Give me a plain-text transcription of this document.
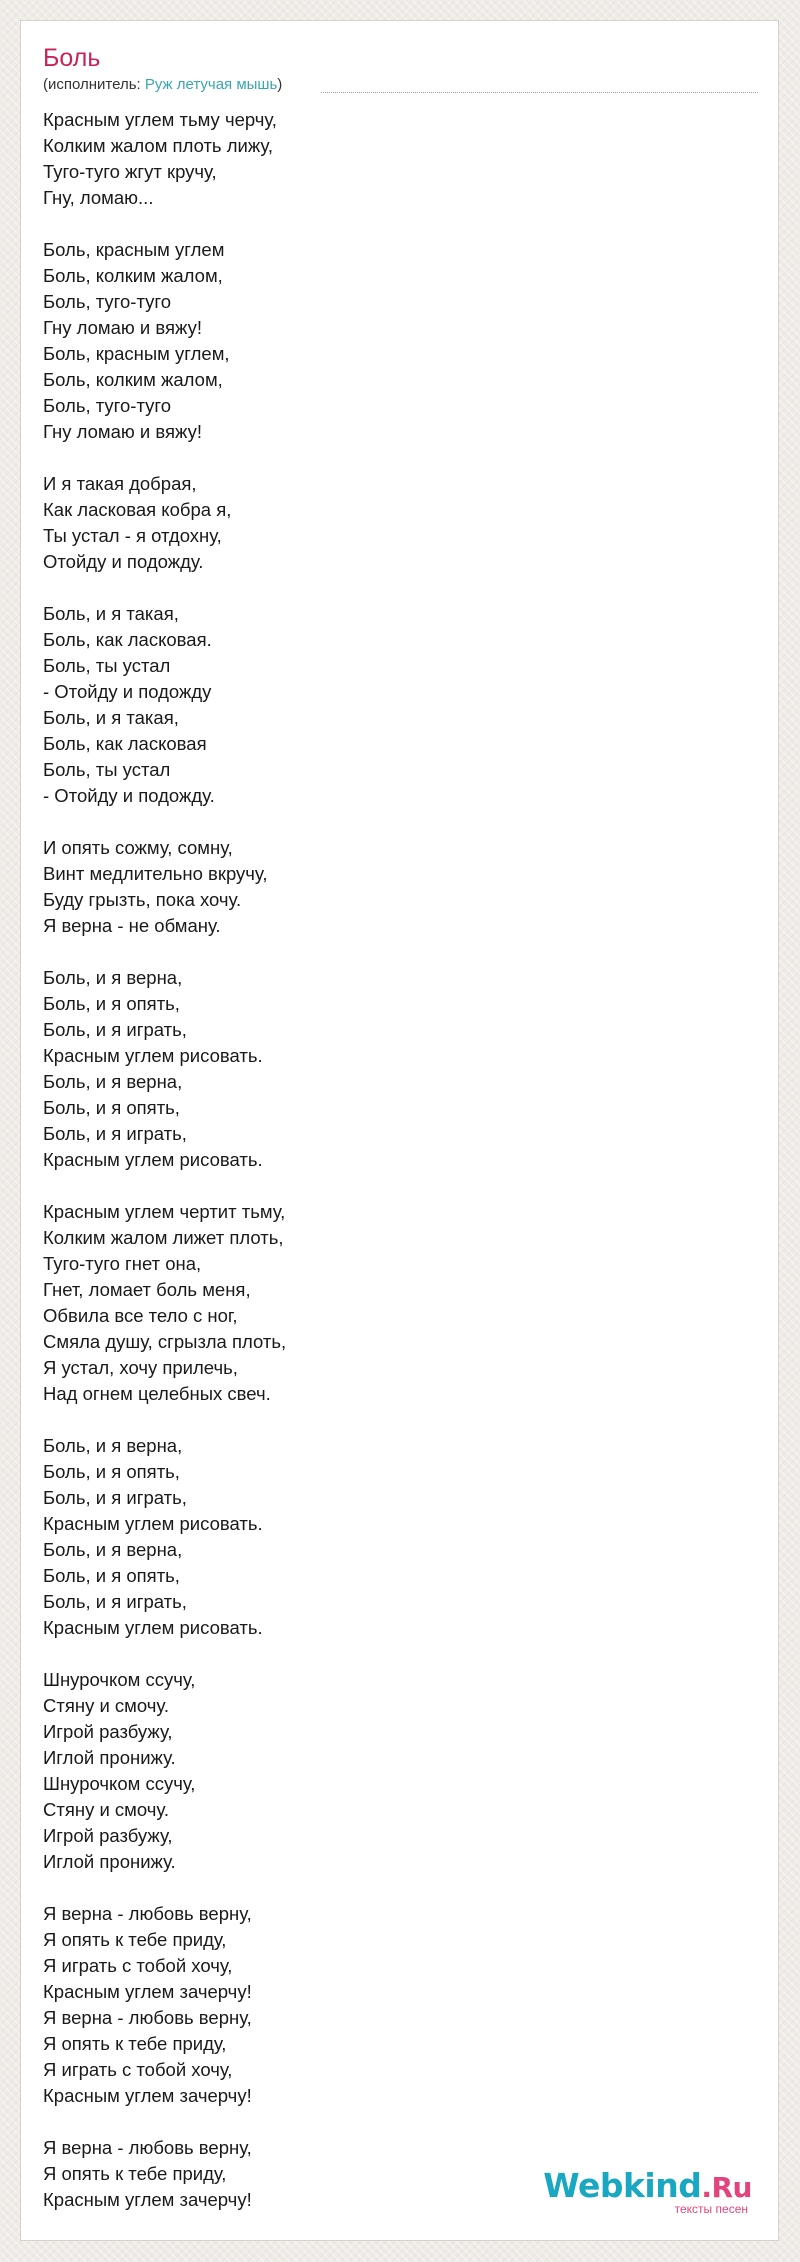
Боль
(исполнитель: Руж летучая мышь)
Красным углем тьму черчу,
Колким жалом плоть лижу,
Туго-туго жгут кручу,
Гну, ломаю...
Боль, красным углем
Боль, колким жалом,
Боль, туго-туго
Гну ломаю и вяжу!
Боль, красным углем,
Боль, колким жалом,
Боль, туго-туго
Гну ломаю и вяжу!
И я такая добрая,
Как ласковая кобра я,
Ты устал - я отдохну,
Отойду и подожду.
Боль, и я такая,
Боль, как ласковая.
Боль, ты устал
- Отойду и подожду
Боль, и я такая,
Боль, как ласковая
Боль, ты устал
- Отойду и подожду.
И опять сожму, сомну,
Винт медлительно вкручу,
Буду грызть, пока хочу.
Я верна - не обману.
Боль, и я верна,
Боль, и я опять,
Боль, и я играть,
Красным углем рисовать.
Боль, и я верна,
Боль, и я опять,
Боль, и я играть,
Красным углем рисовать.
Красным углем чертит тьму,
Колким жалом лижет плоть,
Туго-туго гнет она,
Гнет, ломает боль меня,
Обвила все тело с ног,
Смяла душу, сгрызла плоть,
Я устал, хочу прилечь,
Над огнем целебных свеч.
Боль, и я верна,
Боль, и я опять,
Боль, и я играть,
Красным углем рисовать.
Боль, и я верна,
Боль, и я опять,
Боль, и я играть,
Красным углем рисовать.
Шнурочком ссучу,
Стяну и смочу.
Игрой разбужу,
Иглой пронижу.
Шнурочком ссучу,
Стяну и смочу.
Игрой разбужу,
Иглой пронижу.
Я верна - любовь верну,
Я опять к тебе приду,
Я играть с тобой хочу,
Красным углем зачерчу!
Я верна - любовь верну,
Я опять к тебе приду,
Я играть с тобой хочу,
Красным углем зачерчу!
Я верна - любовь верну,
Я опять к тебе приду,
Красным углем зачерчу!	Webkind.Ru
тексты песен
